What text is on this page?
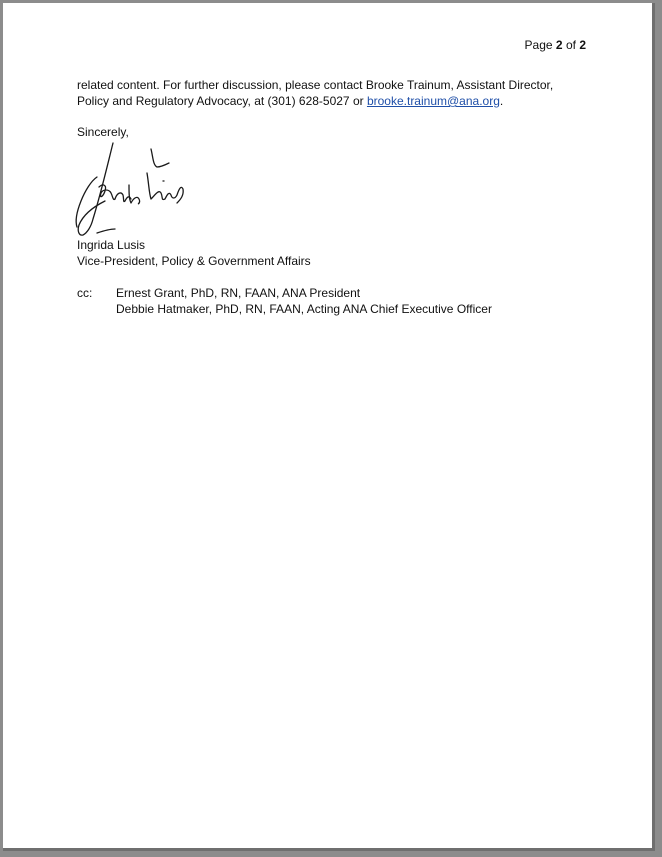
Page 2 of 2

related content. For further discussion, please contact Brooke Trainum, Assistant Director,

Policy and Regulatory Advocacy, at (301) 628-5027 or brooke.trainum@ana.org.

Sincerely,
Ingrida Lusis
Vice-President, Policy & Government Affairs
cc: Ernest Grant, PhD, RN, FAAN, ANA President
Debbie Hatmaker, PhD, RN, FAAN, Acting ANA Chief Executive Officer
